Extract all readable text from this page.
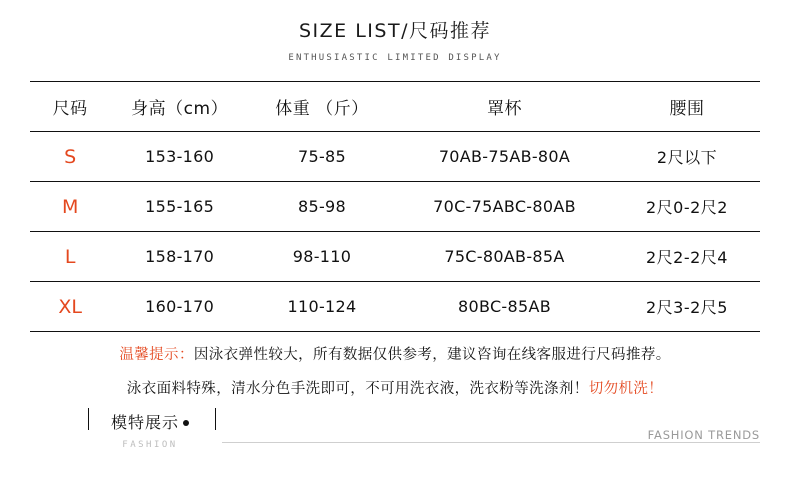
SIZE LIST/尺码推荐
ENTHUSIASTIC LIMITED DISPLAY
尺码	身高（cm）	体重 （斤）	罩杯	腰围
S	153-160	75-85	70AB-75AB-80A	2尺以下
M	155-165	85-98	70C-75ABC-80AB	2尺0-2尺2
L	158-170	98-110	75C-80AB-85A	2尺2-2尺4
XL	160-170	110-124	80BC-85AB	2尺3-2尺5
温馨提示：因泳衣弹性较大，所有数据仅供参考，建议咨询在线客服进行尺码推荐。
泳衣面料特殊，清水分色手洗即可，不可用洗衣液，洗衣粉等洗涤剂！切勿机洗！
模特展示
FASHION
FASHION TRENDS
